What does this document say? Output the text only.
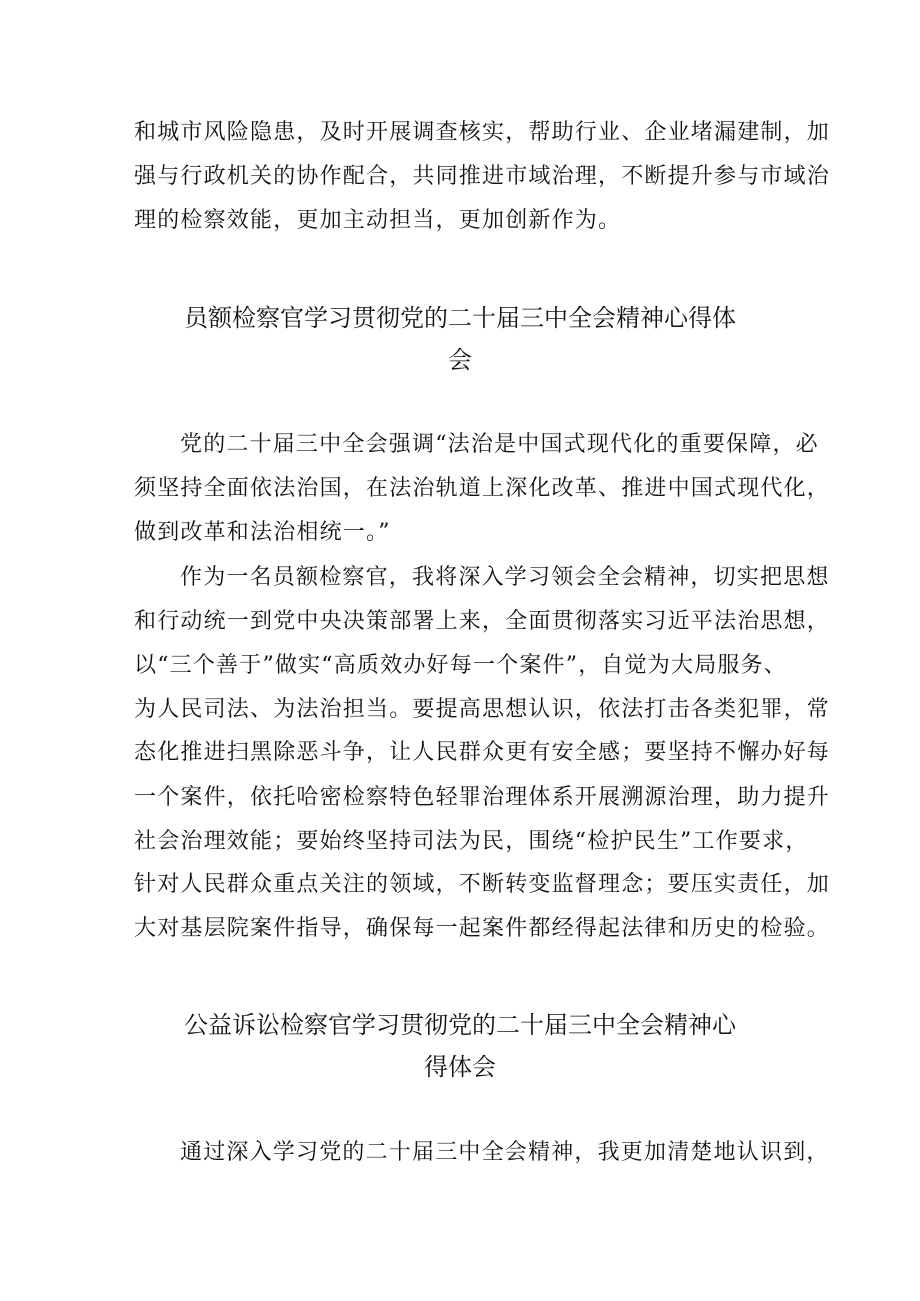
和城市风险隐患，及时开展调查核实，帮助行业、企业堵漏建制，加
强与行政机关的协作配合，共同推进市域治理，不断提升参与市域治
理的检察效能，更加主动担当，更加创新作为。
员额检察官学习贯彻党的二十届三中全会精神心得体
会
党的二十届三中全会强调“法治是中国式现代化的重要保障，必
须坚持全面依法治国，在法治轨道上深化改革、推进中国式现代化，
做到改革和法治相统一。”
作为一名员额检察官，我将深入学习领会全会精神，切实把思想
和行动统一到党中央决策部署上来，全面贯彻落实习近平法治思想，
以“三个善于”做实“高质效办好每一个案件”，自觉为大局服务、
为人民司法、为法治担当。要提高思想认识，依法打击各类犯罪，常
态化推进扫黑除恶斗争，让人民群众更有安全感；要坚持不懈办好每
一个案件，依托哈密检察特色轻罪治理体系开展溯源治理，助力提升
社会治理效能；要始终坚持司法为民，围绕“检护民生”工作要求，
针对人民群众重点关注的领域，不断转变监督理念；要压实责任，加
大对基层院案件指导，确保每一起案件都经得起法律和历史的检验。
公益诉讼检察官学习贯彻党的二十届三中全会精神心
得体会
通过深入学习党的二十届三中全会精神，我更加清楚地认识到，
